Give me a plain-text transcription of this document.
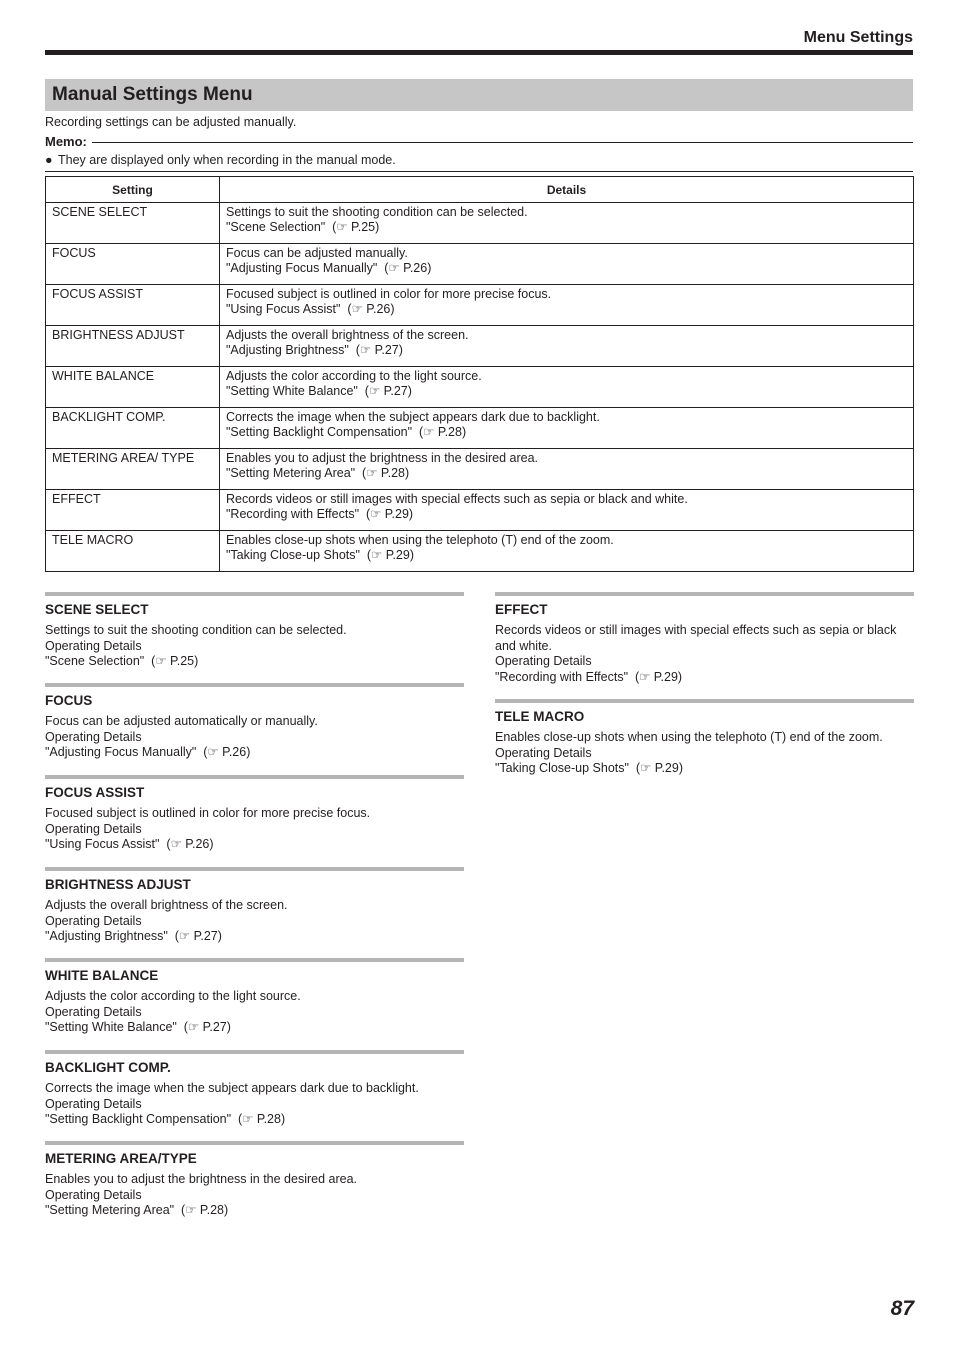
Menu Settings
Manual Settings Menu
Recording settings can be adjusted manually.
Memo:
● They are displayed only when recording in the manual mode.
Setting	Details
SCENE SELECT	Settings to suit the shooting condition can be selected.
"Scene Selection"  (☞ P.25)

FOCUS	Focus can be adjusted manually.
"Adjusting Focus Manually"  (☞ P.26)

FOCUS ASSIST	Focused subject is outlined in color for more precise focus.
"Using Focus Assist"  (☞ P.26)

BRIGHTNESS ADJUST	Adjusts the overall brightness of the screen.
"Adjusting Brightness"  (☞ P.27)

WHITE BALANCE	Adjusts the color according to the light source.
"Setting White Balance"  (☞ P.27)

BACKLIGHT COMP.	Corrects the image when the subject appears dark due to backlight.
"Setting Backlight Compensation"  (☞ P.28)

METERING AREA/ TYPE	Enables you to adjust the brightness in the desired area.
"Setting Metering Area"  (☞ P.28)

EFFECT	Records videos or still images with special effects such as sepia or black and white.
"Recording with Effects"  (☞ P.29)

TELE MACRO	Enables close-up shots when using the telephoto (T) end of the zoom.
"Taking Close-up Shots"  (☞ P.29)
SCENE SELECT
Settings to suit the shooting condition can be selected.
Operating Details
"Scene Selection"  (☞ P.25)
FOCUS
Focus can be adjusted automatically or manually.
Operating Details
"Adjusting Focus Manually"  (☞ P.26)
FOCUS ASSIST
Focused subject is outlined in color for more precise focus.
Operating Details
"Using Focus Assist"  (☞ P.26)
BRIGHTNESS ADJUST
Adjusts the overall brightness of the screen.
Operating Details
"Adjusting Brightness"  (☞ P.27)
WHITE BALANCE
Adjusts the color according to the light source.
Operating Details
"Setting White Balance"  (☞ P.27)
BACKLIGHT COMP.
Corrects the image when the subject appears dark due to backlight.
Operating Details
"Setting Backlight Compensation"  (☞ P.28)
METERING AREA/TYPE
Enables you to adjust the brightness in the desired area.
Operating Details
"Setting Metering Area"  (☞ P.28)
EFFECT
Records videos or still images with special effects such as sepia or black and white.
Operating Details
"Recording with Effects"  (☞ P.29)
TELE MACRO
Enables close-up shots when using the telephoto (T) end of the zoom.
Operating Details
"Taking Close-up Shots"  (☞ P.29)
87
